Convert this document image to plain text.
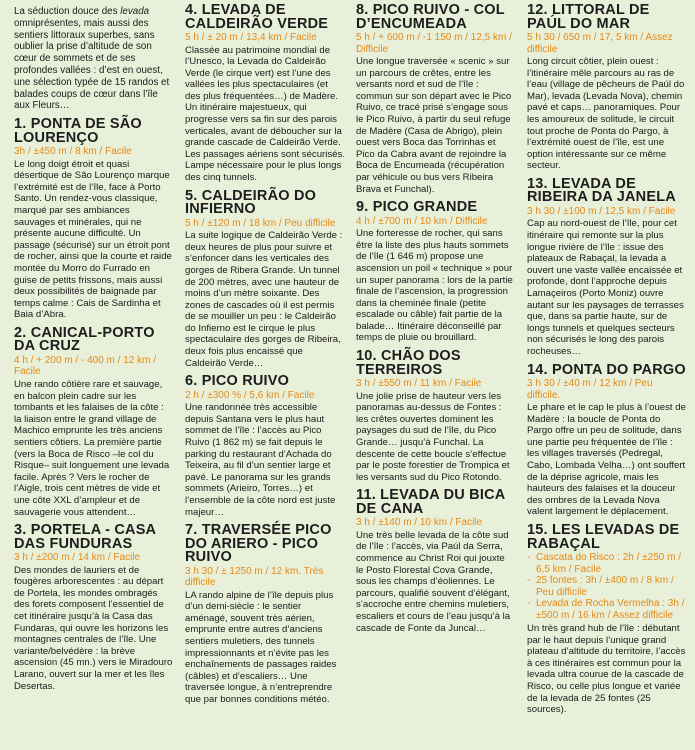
La séduction douce des levada omniprésentes, mais aussi des sentiers littoraux superbes, sans oublier la prise d’altitude de son cœur de sommets et de ses profondes vallées : d’est en ouest, une sélection typée de 15 randos et balades coups de cœur dans l’île aux Fleurs…

1. PONTA DE SÃO LOURENÇO
3h / ±450 m / 8 km / Facile

Le long doigt étroit et quasi désertique de São Lourenço marque l’extrémité est de l’île, face à Porto Santo. Un rendez-vous classique, marqué par ses ambiances sauvages et minérales, qui ne présente aucune difficulté. Un passage (sécurisé) sur un étroit pont de rocher, ainsi que la courte et raide montée du Morro do Furrado en guise de petits frissons, mais aussi deux possibilités de baignade par temps calme : Cais de Sardinha et Baia d’Abra.

2. CANICAL-PORTO DA CRUZ
4 h / + 200 m / - 400 m / 12 km / Facile

Une rando côtière rare et sauvage, en balcon plein cadre sur les tombants et les falaises de la côte : la liaison entre le grand village de Machico emprunte les très anciens sentiers côtiers. La première partie (vers la Boca de Risco –le col du Risque– suit longuement une levada facile. Après ? Vers le rocher de l’Aigle, trois cent mètres de vide et une côte XXL d’ampleur et de sauvagerie vous attendent…

3. PORTELA - CASA DAS FUNDURAS
3 h / ±200 m / 14 km / Facile

Des mondes de lauriers et de fougères arborescentes : au départ de Portela, les mondes ombragés des forets composent l’essentiel de cet itinéraire jusqu’à la Casa das Fundaras, qui ouvre les horizons les montagnes centrales de l’île. Une variante/belvédère : la brève ascension (45 mn.) vers le Miradouro Larano, ouvert sur la mer et les îles Desertas.

4. LEVADA DE CALDEIRÃO VERDE
5 h / ± 20 m / 13,4 km / Facile

Classée au patrimoine mondial de l’Unesco, la Levada do Caldeirão Verde (le cirque vert) est l’une des vallées les plus spectaculaires (et des plus fréquentées…) de Madère. Un itinéraire majestueux, qui progresse vers sa fin sur des parois verticales, avant de déboucher sur la grande cascade de Caldeirão Verde. Les passages aériens sont sécurisés. Lampe nécessaire pour le plus longs des cinq tunnels.

5. CALDEIRÃO DO INFIERNO
5 h / ±120 m / 18 km / Peu difficile

La suite logique de Caldeirão Verde : deux heures de plus pour suivre et s’enfoncer dans les verticales des gorges de Ribera Grande. Un tunnel de 200 mètres, avec une hauteur de moins d’un mètre soixante. Des zones de cascades où il est permis de se mouiller un peu : le Caldeirão do Infierno est le cirque le plus spectaculaire des gorges de Ribeira, deux fois plus encaissé que Caldeirão Verde…

6. PICO RUIVO
2 h / ±300 % / 5,6 km / Facile

Une randonnée très accessible depuis Santana vers le plus haut sommet de l’île : l’accès au Pico Ruivo (1 862 m) se fait depuis le parking du restaurant d’Achada do Teixeira, au fil d’un sentier large et pavé. Le panorama sur les grands sommets (Arieiro, Torres…) et l’ensemble de la côte nord est juste majeur…

7. TRAVERSÉE PICO DO ARIERO - PICO RUIVO
3 h 30 / ± 1250 m / 12 km. Très difficile

LA rando alpine de l’île depuis plus d’un demi-siècle : le sentier aménagé, souvent très aérien, emprunte entre autres d’anciens sentiers muletiers, des tunnels impressionnants et n’évite pas les enchaînements de passages raides (câbles) et d’escaliers… Une traversée longue, à n’entreprendre que par bonnes conditions météo.

8. PICO RUIVO - COL D’ENCUMEADA
5 h / + 600 m / -1 150 m / 12,5 km / Difficile

Une longue traversée « scenic » sur un parcours de crêtes, entre les versants nord et sud de l’île : commun sur son départ avec le Pico Ruivo, ce tracé prisé s’engage sous le Pico Ruivo, à partir du seul refuge de Madère (Casa de Abrigo), plein ouest vers Boca das Torrinhas et Pico da Cabra avant de rejoindre la Boca de Encumeada (récupération par véhicule ou bus vers Ribeira Brava et Funchal).

9. PICO GRANDE
4 h / ±700 m / 10 km / Difficile

Une forteresse de rocher, qui sans être la liste des plus hauts sommets de l’île (1 646 m) propose une ascension un poil « technique » pour un super panorama : lors de la partie finale de l’ascension, la progression dans la cheminée finale (petite escalade ou câble) fait partie de la balade… Itinéraire déconseillé par temps de pluie ou brouillard.

10. CHÃO DOS TERREIROS
3 h / ±550 m / 11 km / Facile

Une jolie prise de hauteur vers les panoramas au-dessus de Fontes : les crêtes ouvertes dominent les paysages du sud de l’île, du Pico Grande… jusqu’à Funchal. La descente de cette boucle s’effectue par le poste forestier de Trompica et les versants sud du Pico Rotondo.

11. LEVADA DU BICA DE CANA
3 h / ±140 m / 10 km / Facile

Une très belle levada de la côte sud de l’île : l’accès, via Paúl da Serra, commence au Christ Roi qui jouxte le Posto Florestal Cova Grande, sous les champs d’éoliennes. Le parcours, qualifié souvent d’élégant, s’accroche entre chemins muletiers, escaliers et cours de l’eau jusqu’à la cascade de Fonte da Juncal…

12. LITTORAL DE PAÚL DO MAR
5 h 30 / 650 m / 17, 5 km / Assez difficile

Long circuit côtier, plein ouest : l’itinéraire mêle parcours au ras de l’eau (village de pêcheurs de Paúl do Mar), levada (Levada Nova), chemin pavé et caps… panoramiques. Pour les amoureux de solitude, le circuit tout proche de Ponta do Pargo, à l’extrémité ouest de l’île, est une option intéressante sur ce même secteur.

13. LEVADA DE RIBEIRA DA JANELA
3 h 30 / ±100 m / 12,5 km / Facile

Cap au nord-ouest de l’île, pour cet itinéraire qui remonte sur la plus longue rivière de l’île : issue des plateaux de Rabaçal, la levada a ouvert une vaste vallée encaissée et profonde, dont l’approche depuis Lamaçeiros (Porto Moniz) ouvre autant sur les paysages de terrasses que, dans sa partie haute, sur de longs tunnels et quelques secteurs non sécurisés le long des parois rocheuses…

14. PONTA DO PARGO
3 h 30 / ±40 m / 12 km / Peu difficile.

Le phare et le cap le plus à l’ouest de Madère : la boucle de Ponta do Pargo offre un peu de solitude, dans une partie peu fréquentée de l’île : les villages traversés (Pedregal, Cabo, Lombada Velha…) ont souffert de la déprise agricole, mais les hauteurs des falaises et la douceur des ombres de la Levada Nova valent largement le déplacement.

15. LES LEVADAS DE RABAÇAL
- Cascata do Risco : 2h / ±250 m / 6,5 km / Facile
- 25 fontes : 3h / ±400 m / 8 km / Peu difficile
- Levada de Rocha Vermelha : 3h / ±500 m / 16 km / Assez difficile

Un très grand hub de l’île : débutant par le haut depuis l’unique grand plateau d’altitude du territoire, l’accès à ces itinéraires est commun pour la levada ultra courue de la cascade de Risco, ou celle plus longue et variée de la levada de 25 fontes (25 sources).
